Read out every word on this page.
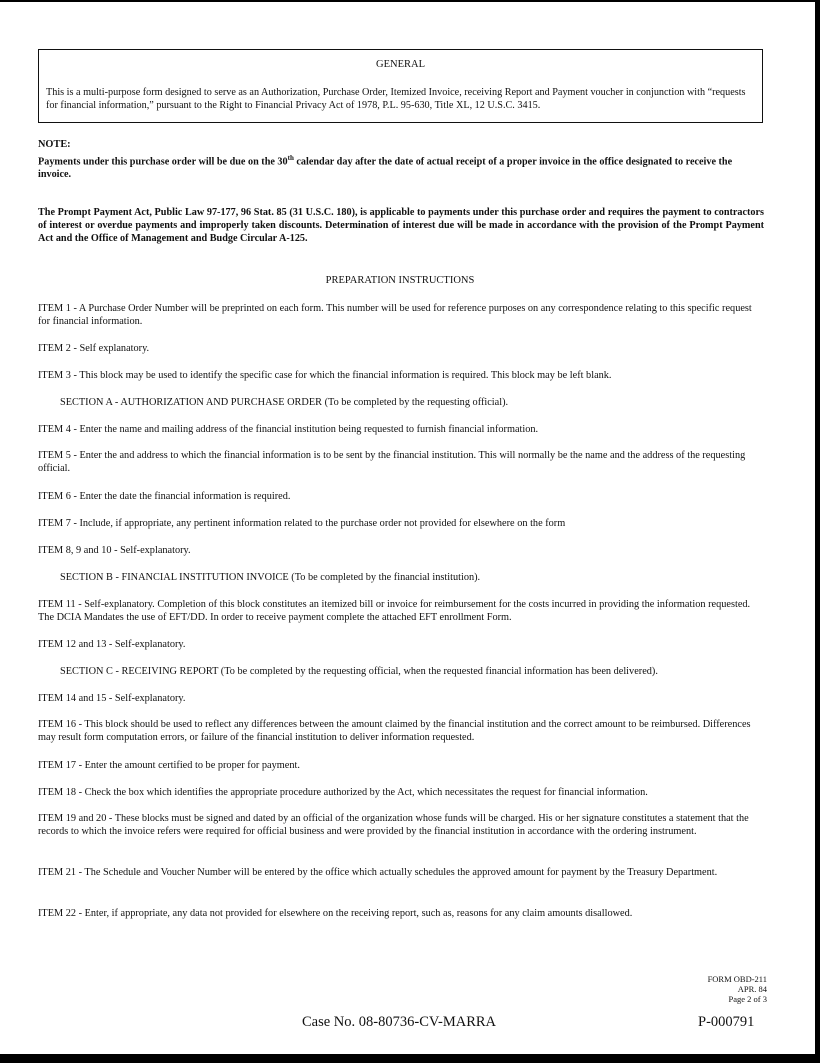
GENERAL
This is a multi-purpose form designed to serve as an Authorization, Purchase Order, Itemized Invoice, receiving Report and Payment voucher in conjunction with “requests for financial information,” pursuant to the Right to Financial Privacy Act of 1978, P.L. 95-630, Title XL, 12 U.S.C. 3415.
NOTE:
Payments under this purchase order will be due on the 30th calendar day after the date of actual receipt of a proper invoice in the office designated to receive the invoice.
The Prompt Payment Act, Public Law 97-177, 96 Stat. 85 (31 U.S.C. 180), is applicable to payments under this purchase order and requires the payment to contractors of interest or overdue payments and improperly taken discounts. Determination of interest due will be made in accordance with the provision of the Prompt Payment Act and the Office of Management and Budge Circular A-125.
PREPARATION INSTRUCTIONS
ITEM 1 - A Purchase Order Number will be preprinted on each form. This number will be used for reference purposes on any correspondence relating to this specific request for financial information.
ITEM 2 - Self explanatory.
ITEM 3 - This block may be used to identify the specific case for which the financial information is required. This block may be left blank.
SECTION A - AUTHORIZATION AND PURCHASE ORDER (To be completed by the requesting official).
ITEM 4 - Enter the name and mailing address of the financial institution being requested to furnish financial information.
ITEM 5 - Enter the and address to which the financial information is to be sent by the financial institution. This will normally be the name and the address of the requesting official.
ITEM 6 - Enter the date the financial information is required.
ITEM 7 - Include, if appropriate, any pertinent information related to the purchase order not provided for elsewhere on the form
ITEM 8, 9 and 10 - Self-explanatory.
SECTION B - FINANCIAL INSTITUTION INVOICE (To be completed by the financial institution).
ITEM 11 - Self-explanatory. Completion of this block constitutes an itemized bill or invoice for reimbursement for the costs incurred in providing the information requested. The DCIA Mandates the use of EFT/DD. In order to receive payment complete the attached EFT enrollment Form.
ITEM 12 and 13 - Self-explanatory.
SECTION C - RECEIVING REPORT (To be completed by the requesting official, when the requested financial information has been delivered).
ITEM 14 and 15 - Self-explanatory.
ITEM 16 - This block should be used to reflect any differences between the amount claimed by the financial institution and the correct amount to be reimbursed. Differences may result form computation errors, or failure of the financial institution to deliver information requested.
ITEM 17 - Enter the amount certified to be proper for payment.
ITEM 18 - Check the box which identifies the appropriate procedure authorized by the Act, which necessitates the request for financial information.
ITEM 19 and 20 - These blocks must be signed and dated by an official of the organization whose funds will be charged. His or her signature constitutes a statement that the records to which the invoice refers were required for official business and were provided by the financial institution in accordance with the ordering instrument.
ITEM 21 - The Schedule and Voucher Number will be entered by the office which actually schedules the approved amount for payment by the Treasury Department.
ITEM 22 - Enter, if appropriate, any data not provided for elsewhere on the receiving report, such as, reasons for any claim amounts disallowed.
FORM OBD-211
APR. 84
Page 2 of 3
Case No. 08-80736-CV-MARRA	P-000791
